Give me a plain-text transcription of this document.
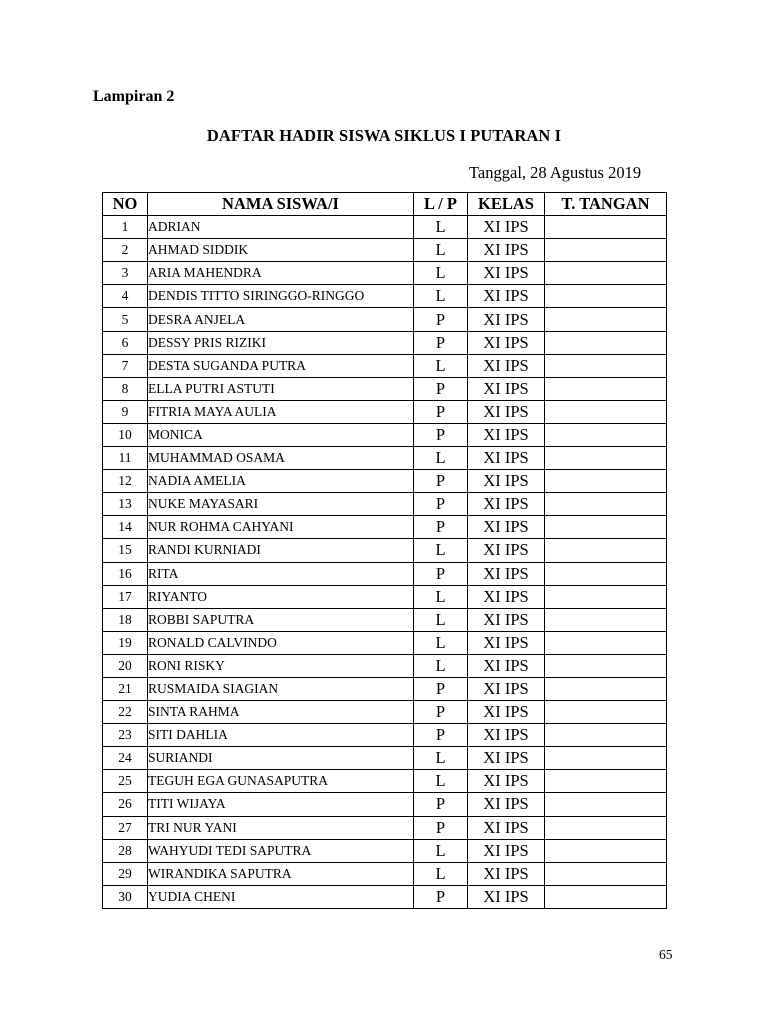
Lampiran 2
DAFTAR HADIR SISWA SIKLUS I PUTARAN I
Tanggal, 28 Agustus 2019
NO	NAMA SISWA/I	L / P	KELAS	T. TANGAN
1	ADRIAN	L	XI IPS	
2	AHMAD SIDDIK	L	XI IPS	
3	ARIA MAHENDRA	L	XI IPS	
4	DENDIS TITTO SIRINGGO-RINGGO	L	XI IPS	
5	DESRA ANJELA	P	XI IPS	
6	DESSY PRIS RIZIKI	P	XI IPS	
7	DESTA SUGANDA PUTRA	L	XI IPS	
8	ELLA PUTRI ASTUTI	P	XI IPS	
9	FITRIA MAYA AULIA	P	XI IPS	
10	MONICA	P	XI IPS	
11	MUHAMMAD OSAMA	L	XI IPS	
12	NADIA AMELIA	P	XI IPS	
13	NUKE MAYASARI	P	XI IPS	
14	NUR ROHMA CAHYANI	P	XI IPS	
15	RANDI KURNIADI	L	XI IPS	
16	RITA	P	XI IPS	
17	RIYANTO	L	XI IPS	
18	ROBBI SAPUTRA	L	XI IPS	
19	RONALD CALVINDO	L	XI IPS	
20	RONI RISKY	L	XI IPS	
21	RUSMAIDA SIAGIAN	P	XI IPS	
22	SINTA RAHMA	P	XI IPS	
23	SITI DAHLIA	P	XI IPS	
24	SURIANDI	L	XI IPS	
25	TEGUH EGA GUNASAPUTRA	L	XI IPS	
26	TITI WIJAYA	P	XI IPS	
27	TRI NUR YANI	P	XI IPS	
28	WAHYUDI TEDI SAPUTRA	L	XI IPS	
29	WIRANDIKA SAPUTRA	L	XI IPS	
30	YUDIA CHENI	P	XI IPS	
65
